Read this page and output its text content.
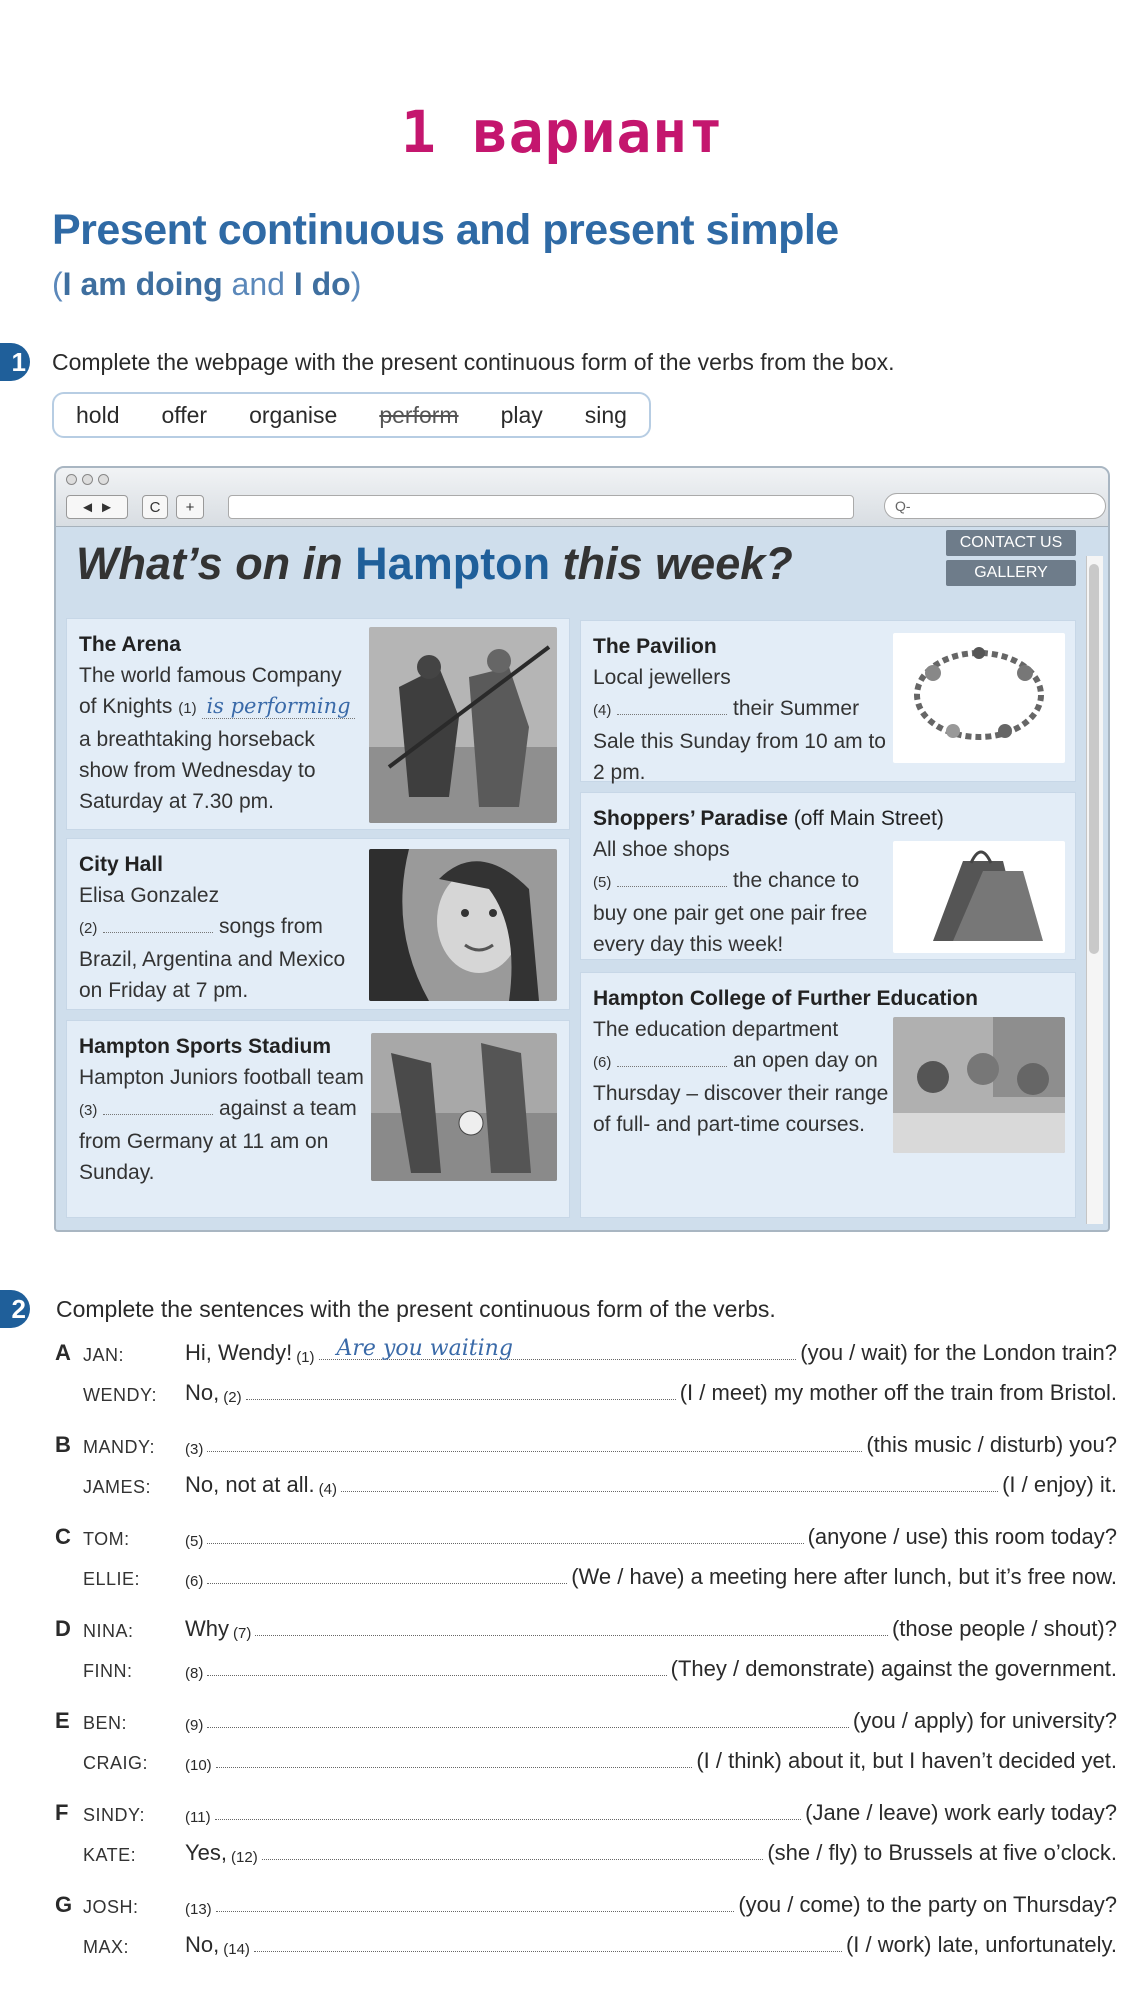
1 вариант
Present continuous and present simple
(I am doing and I do)
1 Complete the webpage with the present continuous form of the verbs from the box.
hold offer organise perform play sing
◄ ►	C	+	Q-
What’s on in Hampton this week?	CONTACT US
GALLERY
The Arena
The world famous Company of Knights (1) is performing a breathtaking horseback show from Wednesday to Saturday at 7.30 pm.
City Hall
Elisa Gonzalez
(2)	songs from Brazil, Argentina and Mexico on Friday at 7 pm.
Hampton Sports Stadium
Hampton Juniors football team (3)	against a team from Germany at 11 am on Sunday.
The Pavilion
Local jewellers
(4)	their Summer Sale this Sunday from 10 am to 2 pm.
Shoppers’ Paradise (off Main Street)
All shoe shops
(5)	the chance to buy one pair get one pair free every day this week!
Hampton College of Further Education
The education department
(6)	an open day on Thursday – discover their range of full- and part-time courses.
2 Complete the sentences with the present continuous form of the verbs.
A JAN:	Hi, Wendy! (1) Are you waiting	(you / wait) for the London train?
WENDY: No, (2)	(I / meet) my mother off the train from Bristol.
B MANDY: (3)	(this music / disturb) you?
JAMES: No, not at all. (4)	(I / enjoy) it.
C TOM:	(5)	(anyone / use) this room today?
ELLIE:	(6)	(We / have) a meeting here after lunch, but it’s free now.
D NINA: Why (7)	(those people / shout)?
FINN:	(8)	(They / demonstrate) against the government.
E BEN:	(9)	(you / apply) for university?
CRAIG: (10)	(I / think) about it, but I haven’t decided yet.
F SINDY:	(11)	(Jane / leave) work early today?
KATE: Yes, (12)	(she / fly) to Brussels at five o’clock.
G JOSH:	(13)	(you / come) to the party on Thursday?
MAX:	No, (14)	(I / work) late, unfortunately.
